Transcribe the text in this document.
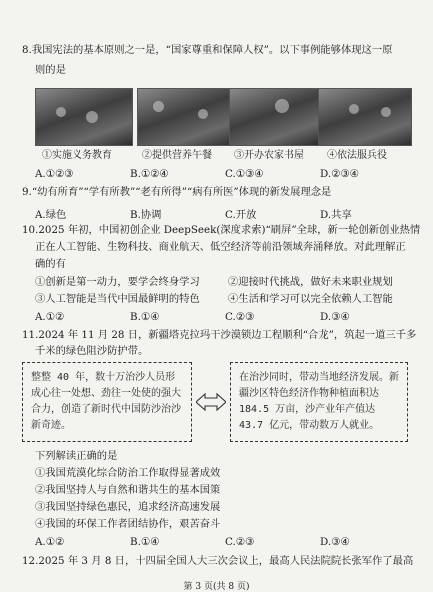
8.我国宪法的基本原则之一是，“国家尊重和保障人权”。以下事例能够体现这一原
则的是
①实施义务教育	②提供营养午餐 ③开办农家书屋 ④依法服兵役
A.①②③	B.①②④	C.①③④	D.②③④
9.“幼有所育”“学有所教”“老有所得”“病有所医”体现的新发展理念是
A.绿色	B.协调	C.开放	D.共享
10.2025 年初，中国初创企业 DeepSeek(深度求索)“刷屏”全球，新一轮创新创业热情
正在人工智能、生物科技、商业航天、低空经济等前沿领域奔涌释放。对此理解正
确的有
①创新是第一动力，要学会终身学习	②迎接时代挑战，做好未来职业规划
③人工智能是当代中国最鲜明的特色	④生活和学习可以完全依赖人工智能
A.①②	B.①④	C.②③	D.③④
11.2024 年 11 月 28 日，新疆塔克拉玛干沙漠锁边工程顺利“合龙”，筑起一道三千多
千米的绿色阻沙防护带。
整整 40 年，数十万治沙人员形成心往一处想、劲往一处使的强大合力，创造了新时代中国防沙治沙新奇迹。
在治沙同时，带动当地经济发展。新疆沙区特色经济作物种植面积达 184.5 万亩，沙产业年产值达 43.7 亿元，带动数万人就业。
下列解读正确的是
①我国荒漠化综合防治工作取得显著成效
②我国坚持人与自然和谐共生的基本国策
③我国坚持绿色惠民，追求经济高速发展
④我国的环保工作者团结协作，艰苦奋斗
A.①②	B.①④	C.②③	D.③④
12.2025 年 3 月 8 日，十四届全国人大三次会议上，最高人民法院院长张军作了最高
第 3 页(共 8 页)
